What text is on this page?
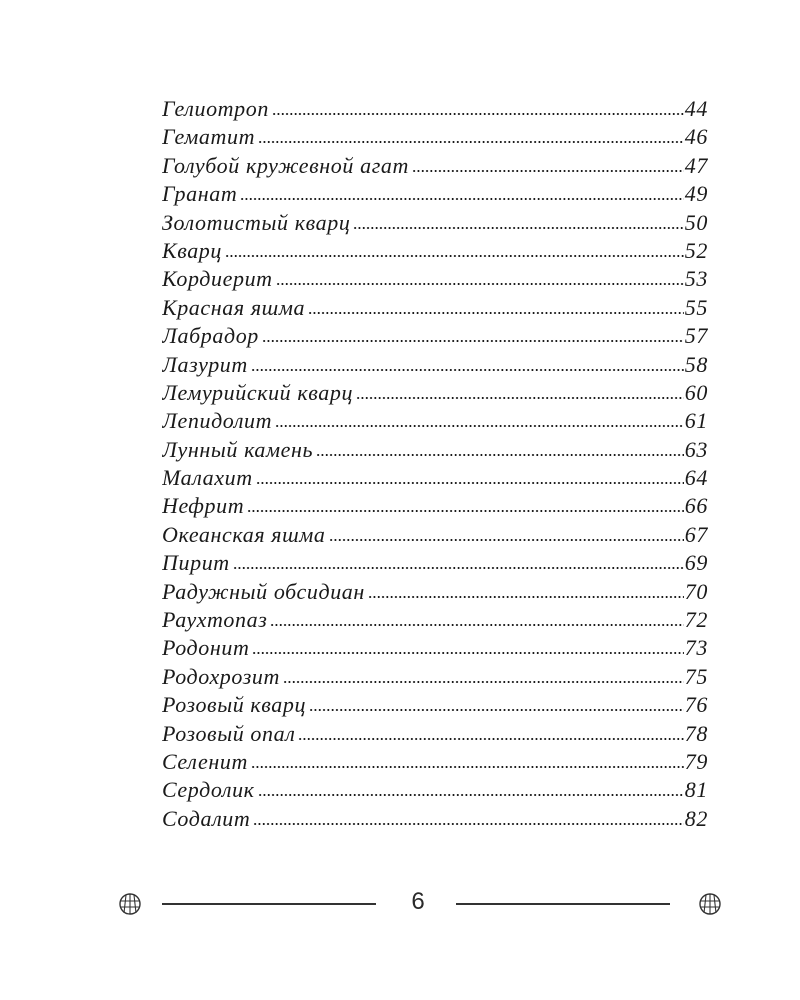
Гелиотроп	44
Гематит	46
Голубой кружевной агат	47
Гранат	49
Золотистый кварц	50
Кварц	52
Кордиерит	53
Красная яшма	55
Лабрадор	57
Лазурит	58
Лемурийский кварц	60
Лепидолит	61
Лунный камень	63
Малахит	64
Нефрит	66
Океанская яшма	67
Пирит	69
Радужный обсидиан	70
Раухтопаз	72
Родонит	73
Родохрозит	75
Розовый кварц	76
Розовый опал	78
Селенит	79
Сердолик	81
Содалит	82
6
